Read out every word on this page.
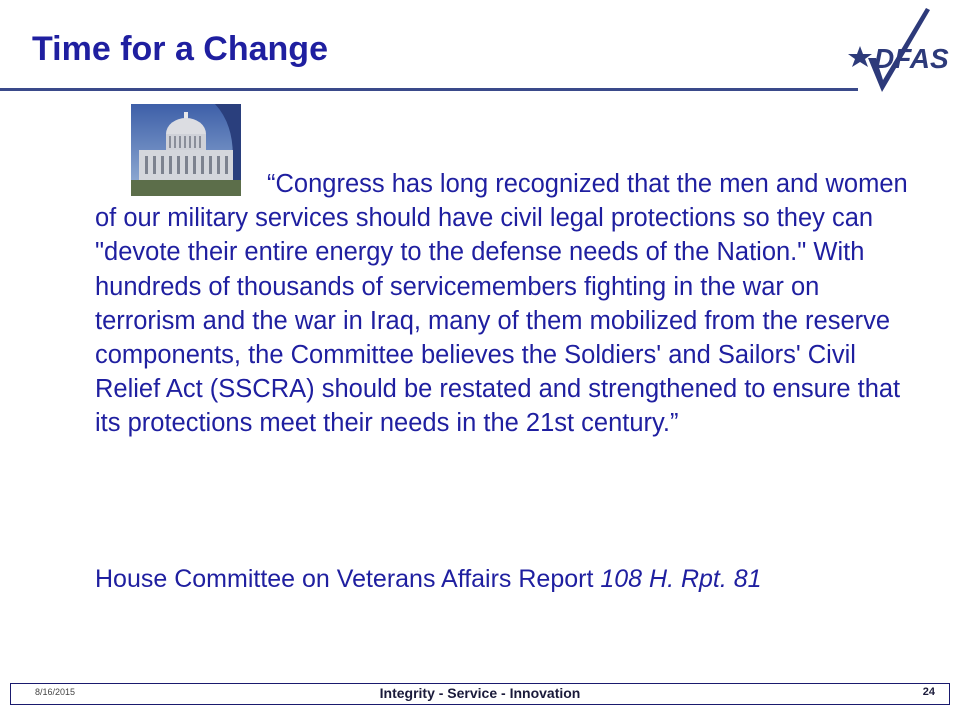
Time for a Change	DFAS

“Congress has long recognized that the men and women of our military services should have civil legal protections so they can "devote their entire energy to the defense needs of the Nation." With hundreds of thousands of servicemembers fighting in the war on terrorism and the war in Iraq, many of them mobilized from the reserve components, the Committee believes the Soldiers' and Sailors' Civil Relief Act (SSCRA) should be restated and strengthened to ensure that its protections meet their needs in the 21st century.”

House Committee on Veterans Affairs Report 108 H. Rpt. 81

8/16/2015	Integrity - Service - Innovation	24
